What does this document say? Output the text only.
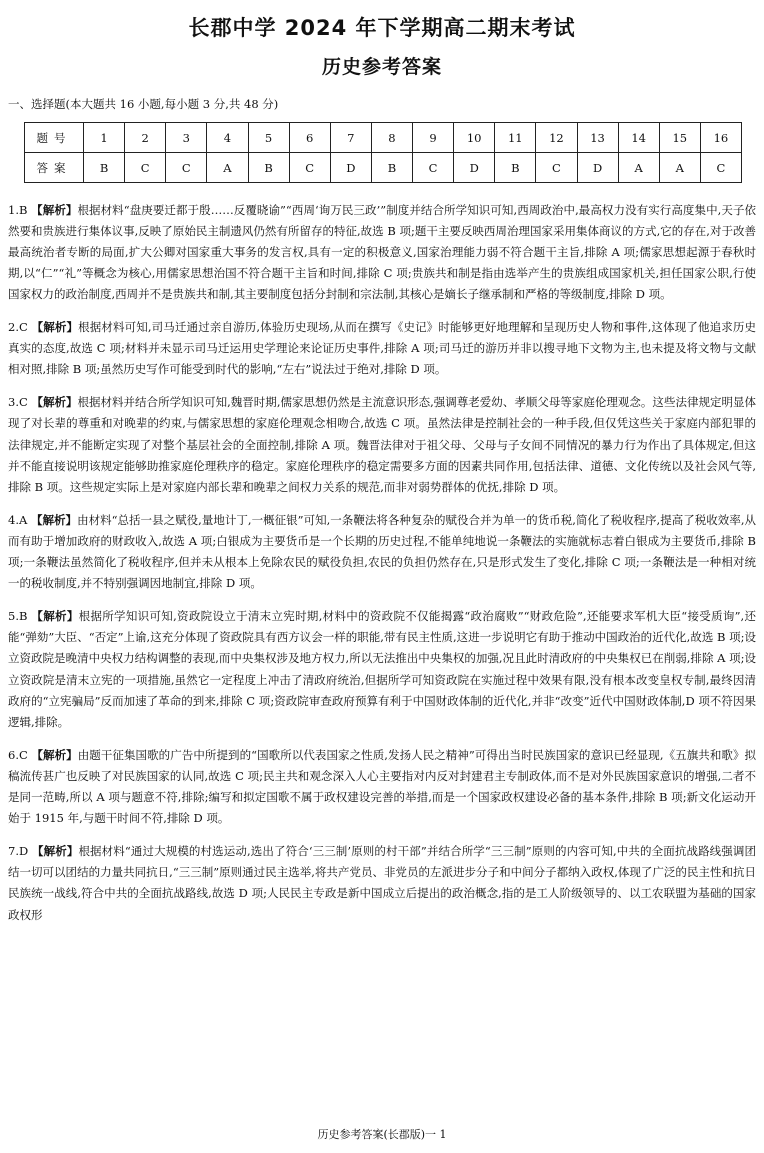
长郡中学 2024 年下学期高二期末考试
历史参考答案
一、选择题(本大题共 16 小题,每小题 3 分,共 48 分)
题号	1	2	3	4	5	6	7	8	9	10	11	12	13	14	15	16
答案	B	C	C	A	B	C	D	B	C	D	B	C	D	A	A	C

1.B 【解析】根据材料“盘庚要迁都于殷……反覆晓谕”“西周‘询万民三政’”制度并结合所学知识可知,西周政治中,最高权力没有实行高度集中,天子依然要和贵族进行集体议事,反映了原始民主制遗风仍然有所留存的特征,故选 B 项;题干主要反映西周治理国家采用集体商议的方式,它的存在,对于改善最高统治者专断的局面,扩大公卿对国家重大事务的发言权,具有一定的积极意义,国家治理能力弱不符合题干主旨,排除 A 项;儒家思想起源于春秋时期,以“仁”“礼”等概念为核心,用儒家思想治国不符合题干主旨和时间,排除 C 项;贵族共和制是指由选举产生的贵族组成国家机关,担任国家公职,行使国家权力的政治制度,西周并不是贵族共和制,其主要制度包括分封制和宗法制,其核心是嫡长子继承制和严格的等级制度,排除 D 项。

2.C 【解析】根据材料可知,司马迁通过亲自游历,体验历史现场,从而在撰写《史记》时能够更好地理解和呈现历史人物和事件,这体现了他追求历史真实的态度,故选 C 项;材料并未显示司马迁运用史学理论来论证历史事件,排除 A 项;司马迁的游历并非以搜寻地下文物为主,也未提及将文物与文献相对照,排除 B 项;虽然历史写作可能受到时代的影响,“左右”说法过于绝对,排除 D 项。

3.C 【解析】根据材料并结合所学知识可知,魏晋时期,儒家思想仍然是主流意识形态,强调尊老爱幼、孝顺父母等家庭伦理观念。这些法律规定明显体现了对长辈的尊重和对晚辈的约束,与儒家思想的家庭伦理观念相吻合,故选 C 项。虽然法律是控制社会的一种手段,但仅凭这些关于家庭内部犯罪的法律规定,并不能断定实现了对整个基层社会的全面控制,排除 A 项。魏晋法律对于祖父母、父母与子女间不同情况的暴力行为作出了具体规定,但这并不能直接说明该规定能够助推家庭伦理秩序的稳定。家庭伦理秩序的稳定需要多方面的因素共同作用,包括法律、道德、文化传统以及社会风气等,排除 B 项。这些规定实际上是对家庭内部长辈和晚辈之间权力关系的规范,而非对弱势群体的优抚,排除 D 项。

4.A 【解析】由材料“总括一县之赋役,量地计丁,一概征银”可知,一条鞭法将各种复杂的赋役合并为单一的货币税,简化了税收程序,提高了税收效率,从而有助于增加政府的财政收入,故选 A 项;白银成为主要货币是一个长期的历史过程,不能单纯地说一条鞭法的实施就标志着白银成为主要货币,排除 B 项;一条鞭法虽然简化了税收程序,但并未从根本上免除农民的赋役负担,农民的负担仍然存在,只是形式发生了变化,排除 C 项;一条鞭法是一种相对统一的税收制度,并不特别强调因地制宜,排除 D 项。

5.B 【解析】根据所学知识可知,资政院设立于清末立宪时期,材料中的资政院不仅能揭露“政治腐败”“财政危险”,还能要求军机大臣“接受质询”,还能“弹劾”大臣、“否定”上谕,这充分体现了资政院具有西方议会一样的职能,带有民主性质,这进一步说明它有助于推动中国政治的近代化,故选 B 项;设立资政院是晚清中央权力结构调整的表现,而中央集权涉及地方权力,所以无法推出中央集权的加强,况且此时清政府的中央集权已在削弱,排除 A 项;设立资政院是清末立宪的一项措施,虽然它一定程度上冲击了清政府统治,但据所学可知资政院在实施过程中效果有限,没有根本改变皇权专制,最终因清政府的“立宪骗局”反而加速了革命的到来,排除 C 项;资政院审查政府预算有利于中国财政体制的近代化,并非“改变”近代中国财政体制,D 项不符因果逻辑,排除。

6.C 【解析】由题干征集国歌的广告中所提到的“国歌所以代表国家之性质,发扬人民之精神”可得出当时民族国家的意识已经显现,《五旗共和歌》拟稿流传甚广也反映了对民族国家的认同,故选 C 项;民主共和观念深入人心主要指对内反对封建君主专制政体,而不是对外民族国家意识的增强,二者不是同一范畴,所以 A 项与题意不符,排除;编写和拟定国歌不属于政权建设完善的举措,而是一个国家政权建设必备的基本条件,排除 B 项;新文化运动开始于 1915 年,与题干时间不符,排除 D 项。

7.D 【解析】根据材料“通过大规模的村选运动,选出了符合‘三三制’原则的村干部”并结合所学“三三制”原则的内容可知,中共的全面抗战路线强调团结一切可以团结的力量共同抗日,“三三制”原则通过民主选举,将共产党员、非党员的左派进步分子和中间分子都纳入政权,体现了广泛的民主性和抗日民族统一战线,符合中共的全面抗战路线,故选 D 项;人民民主专政是新中国成立后提出的政治概念,指的是工人阶级领导的、以工农联盟为基础的国家政权形

历史参考答案(长郡版)一 1
